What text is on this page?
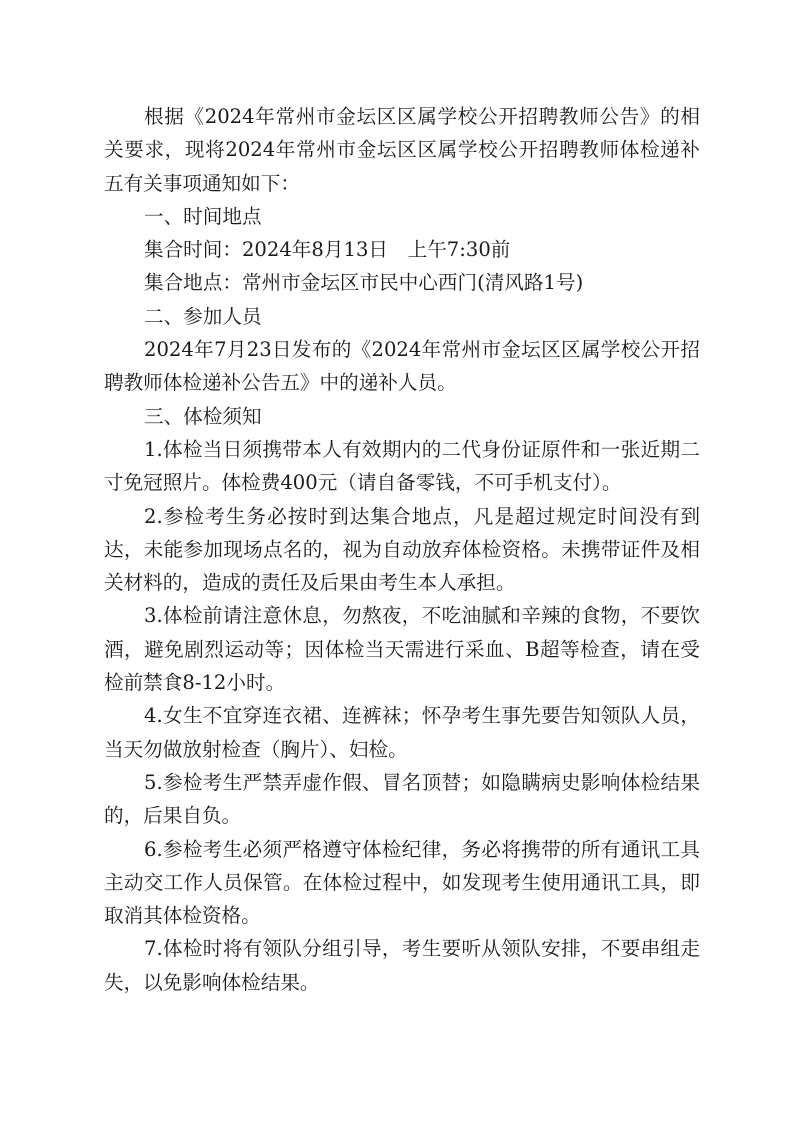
根据《2024年常州市金坛区区属学校公开招聘教师公告》的相关要求，现将2024年常州市金坛区区属学校公开招聘教师体检递补五有关事项通知如下：

一、时间地点

集合时间：2024年8月13日　上午7:30前

集合地点：常州市金坛区市民中心西门(清风路1号)

二、参加人员

2024年7月23日发布的《2024年常州市金坛区区属学校公开招聘教师体检递补公告五》中的递补人员。

三、体检须知

1.体检当日须携带本人有效期内的二代身份证原件和一张近期二寸免冠照片。体检费400元（请自备零钱，不可手机支付）。

2.参检考生务必按时到达集合地点，凡是超过规定时间没有到达，未能参加现场点名的，视为自动放弃体检资格。未携带证件及相关材料的，造成的责任及后果由考生本人承担。

3.体检前请注意休息，勿熬夜，不吃油腻和辛辣的食物，不要饮酒，避免剧烈运动等；因体检当天需进行采血、B超等检查，请在受检前禁食8-12小时。

4.女生不宜穿连衣裙、连裤袜；怀孕考生事先要告知领队人员，当天勿做放射检查（胸片）、妇检。

5.参检考生严禁弄虚作假、冒名顶替；如隐瞒病史影响体检结果的，后果自负。

6.参检考生必须严格遵守体检纪律，务必将携带的所有通讯工具主动交工作人员保管。在体检过程中，如发现考生使用通讯工具，即取消其体检资格。

7.体检时将有领队分组引导，考生要听从领队安排，不要串组走失，以免影响体检结果。
